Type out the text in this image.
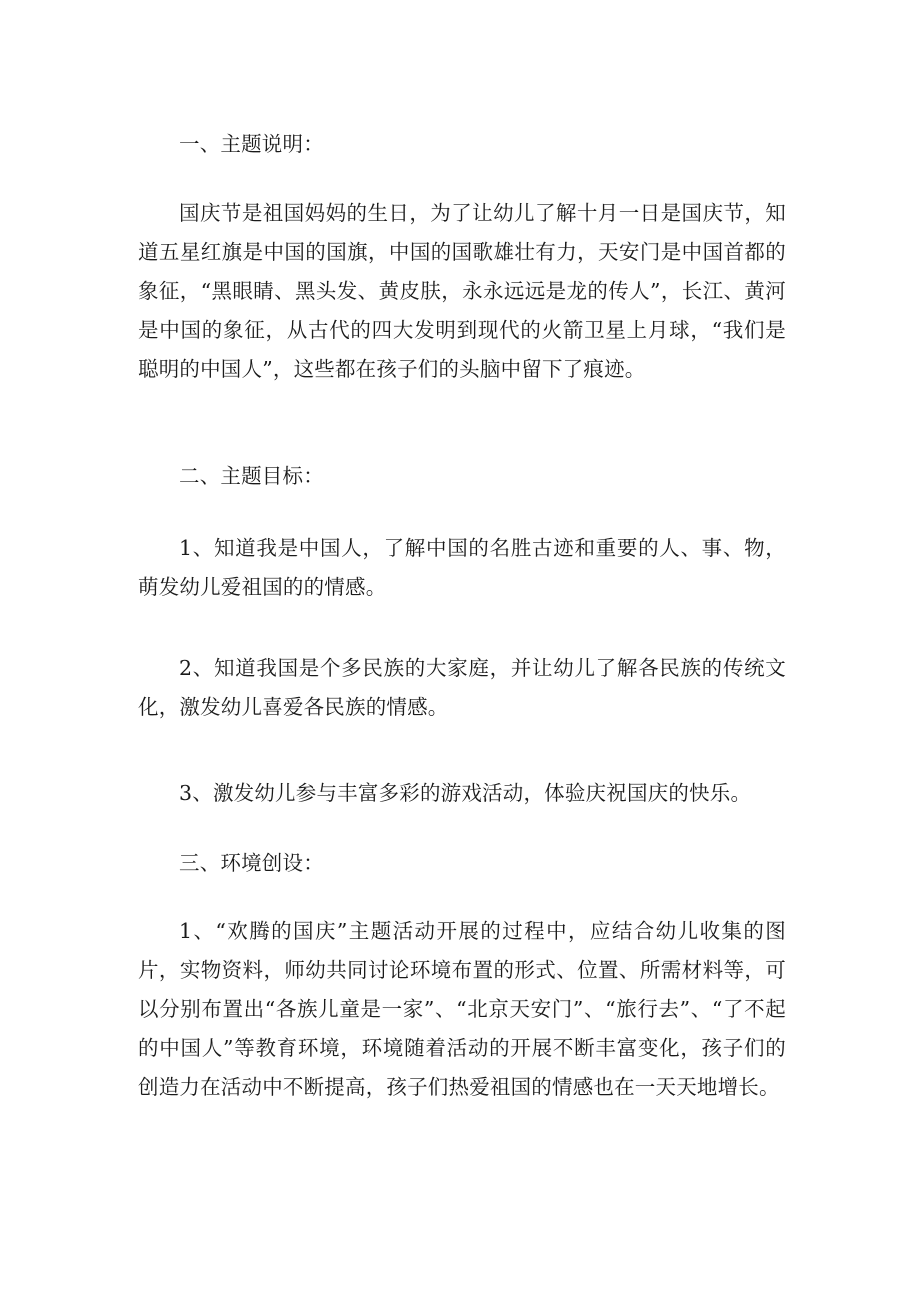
一、主题说明：

国庆节是祖国妈妈的生日，为了让幼儿了解十月一日是国庆节，知道五星红旗是中国的国旗，中国的国歌雄壮有力，天安门是中国首都的象征，“黑眼睛、黑头发、黄皮肤，永永远远是龙的传人”，长江、黄河是中国的象征，从古代的四大发明到现代的火箭卫星上月球，“我们是聪明的中国人”，这些都在孩子们的头脑中留下了痕迹。

二、主题目标：

1、知道我是中国人，了解中国的名胜古迹和重要的人、事、物，萌发幼儿爱祖国的的情感。

2、知道我国是个多民族的大家庭，并让幼儿了解各民族的传统文化，激发幼儿喜爱各民族的情感。

3、激发幼儿参与丰富多彩的游戏活动，体验庆祝国庆的快乐。

三、环境创设：

1、“欢腾的国庆”主题活动开展的过程中，应结合幼儿收集的图片，实物资料，师幼共同讨论环境布置的形式、位置、所需材料等，可以分别布置出“各族儿童是一家”、“北京天安门”、“旅行去”、“了不起的中国人”等教育环境，环境随着活动的开展不断丰富变化，孩子们的创造力在活动中不断提高，孩子们热爱祖国的情感也在一天天地增长。
